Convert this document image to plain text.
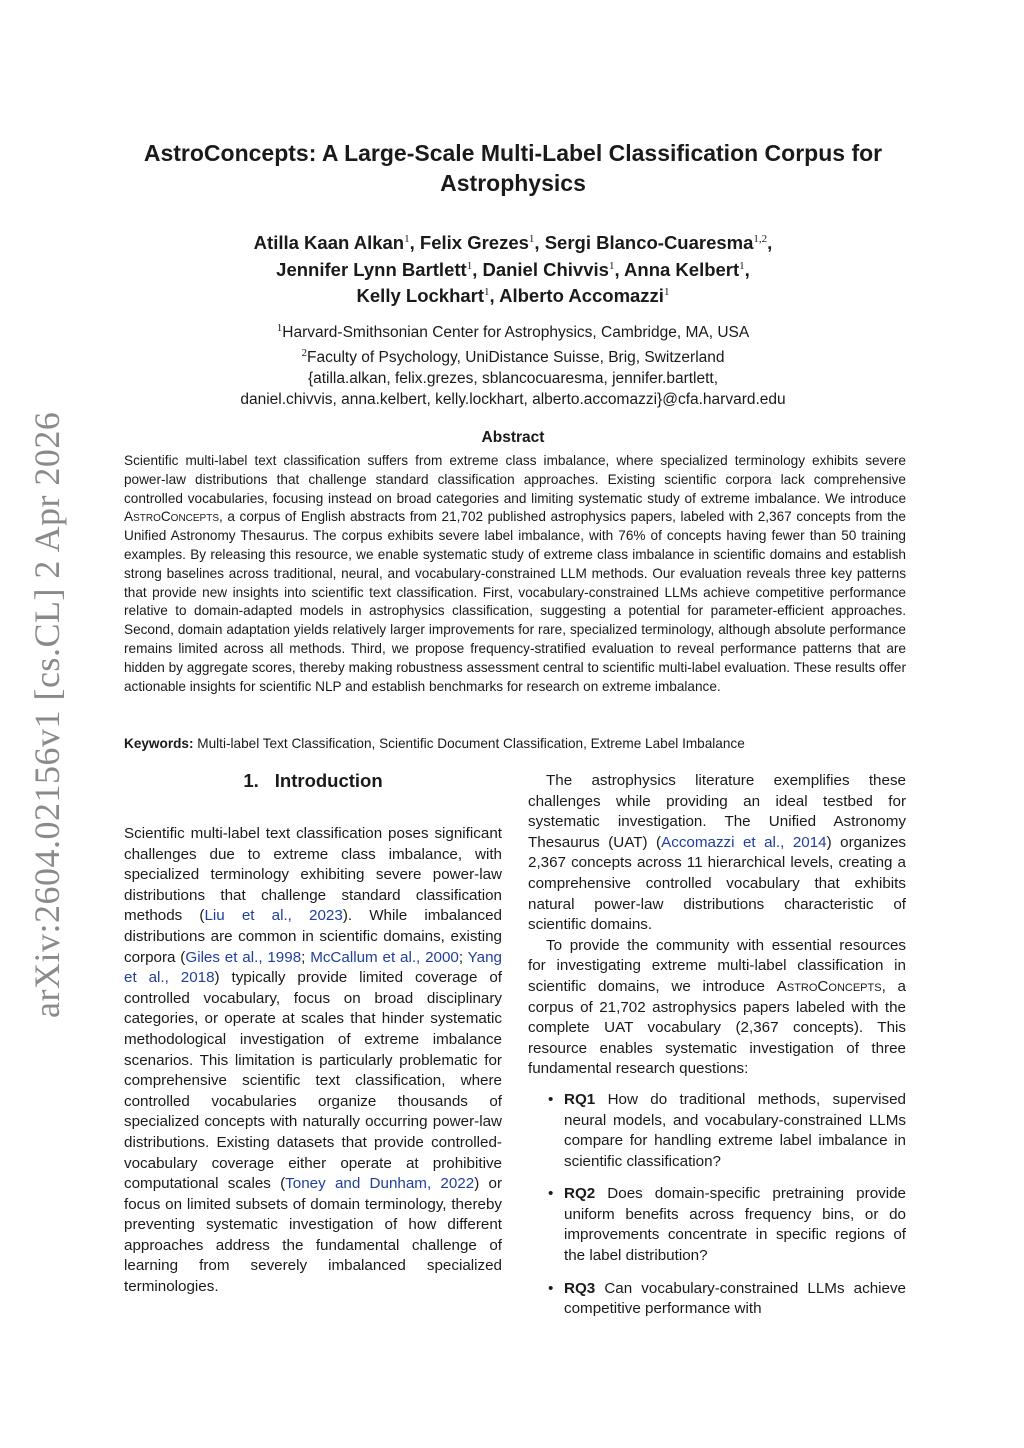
arXiv:2604.02156v1 [cs.CL] 2 Apr 2026
AstroConcepts: A Large-Scale Multi-Label Classification Corpus for
Astrophysics
Atilla Kaan Alkan$^1$, Felix Grezes$^1$, Sergi Blanco-Cuaresma$^{1,2}$,
Jennifer Lynn Bartlett$^1$, Daniel Chivvis$^1$, Anna Kelbert$^1$,
Kelly Lockhart$^1$, Alberto Accomazzi$^1$
$^1$Harvard-Smithsonian Center for Astrophysics, Cambridge, MA, USA
$^2$Faculty of Psychology, UniDistance Suisse, Brig, Switzerland
{atilla.alkan, felix.grezes, sblancocuaresma, jennifer.bartlett,
daniel.chivvis, anna.kelbert, kelly.lockhart, alberto.accomazzi}@cfa.harvard.edu
Abstract
Scientific multi-label text classification suffers from extreme class imbalance, where specialized terminology exhibits severe power-law distributions that challenge standard classification approaches. Existing scientific corpora lack comprehensive controlled vocabularies, focusing instead on broad categories and limiting systematic study of extreme imbalance. We introduce AstroConcepts, a corpus of English abstracts from 21,702 published astrophysics papers, labeled with 2,367 concepts from the Unified Astronomy Thesaurus. The corpus exhibits severe label imbalance, with 76% of concepts having fewer than 50 training examples. By releasing this resource, we enable systematic study of extreme class imbalance in scientific domains and establish strong baselines across traditional, neural, and vocabulary-constrained LLM methods. Our evaluation reveals three key patterns that provide new insights into scientific text classification. First, vocabulary-constrained LLMs achieve competitive performance relative to domain-adapted models in astrophysics classification, suggesting a potential for parameter-efficient approaches. Second, domain adaptation yields relatively larger improvements for rare, specialized terminology, although absolute performance remains limited across all methods. Third, we propose frequency-stratified evaluation to reveal performance patterns that are hidden by aggregate scores, thereby making robustness assessment central to scientific multi-label evaluation. These results offer actionable insights for scientific NLP and establish benchmarks for research on extreme imbalance.
Keywords: Multi-label Text Classification, Scientific Document Classification, Extreme Label Imbalance
1. Introduction

Scientific multi-label text classification poses significant challenges due to extreme class imbalance, with specialized terminology exhibiting severe power-law distributions that challenge standard classification methods (Liu et al., 2023). While imbalanced distributions are common in scientific domains, existing corpora (Giles et al., 1998; McCallum et al., 2000; Yang et al., 2018) typically provide limited coverage of controlled vocabulary, focus on broad disciplinary categories, or operate at scales that hinder systematic methodological investigation of extreme imbalance scenarios. This limitation is particularly problematic for comprehensive scientific text classification, where controlled vocabularies organize thousands of specialized concepts with naturally occurring power-law distributions. Existing datasets that provide controlled-vocabulary coverage either operate at prohibitive computational scales (Toney and Dunham, 2022) or focus on limited subsets of domain terminology, thereby preventing systematic investigation of how different approaches address the fundamental challenge of learning from severely imbalanced specialized terminologies.

The astrophysics literature exemplifies these challenges while providing an ideal testbed for systematic investigation. The Unified Astronomy Thesaurus (UAT) (Accomazzi et al., 2014) organizes 2,367 concepts across 11 hierarchical levels, creating a comprehensive controlled vocabulary that exhibits natural power-law distributions characteristic of scientific domains.

To provide the community with essential resources for investigating extreme multi-label classification in scientific domains, we introduce AstroConcepts, a corpus of 21,702 astrophysics papers labeled with the complete UAT vocabulary (2,367 concepts). This resource enables systematic investigation of three fundamental research questions:

• RQ1 How do traditional methods, supervised neural models, and vocabulary-constrained LLMs compare for handling extreme label imbalance in scientific classification?
• RQ2 Does domain-specific pretraining provide uniform benefits across frequency bins, or do improvements concentrate in specific regions of the label distribution?
• RQ3 Can vocabulary-constrained LLMs achieve competitive performance with
